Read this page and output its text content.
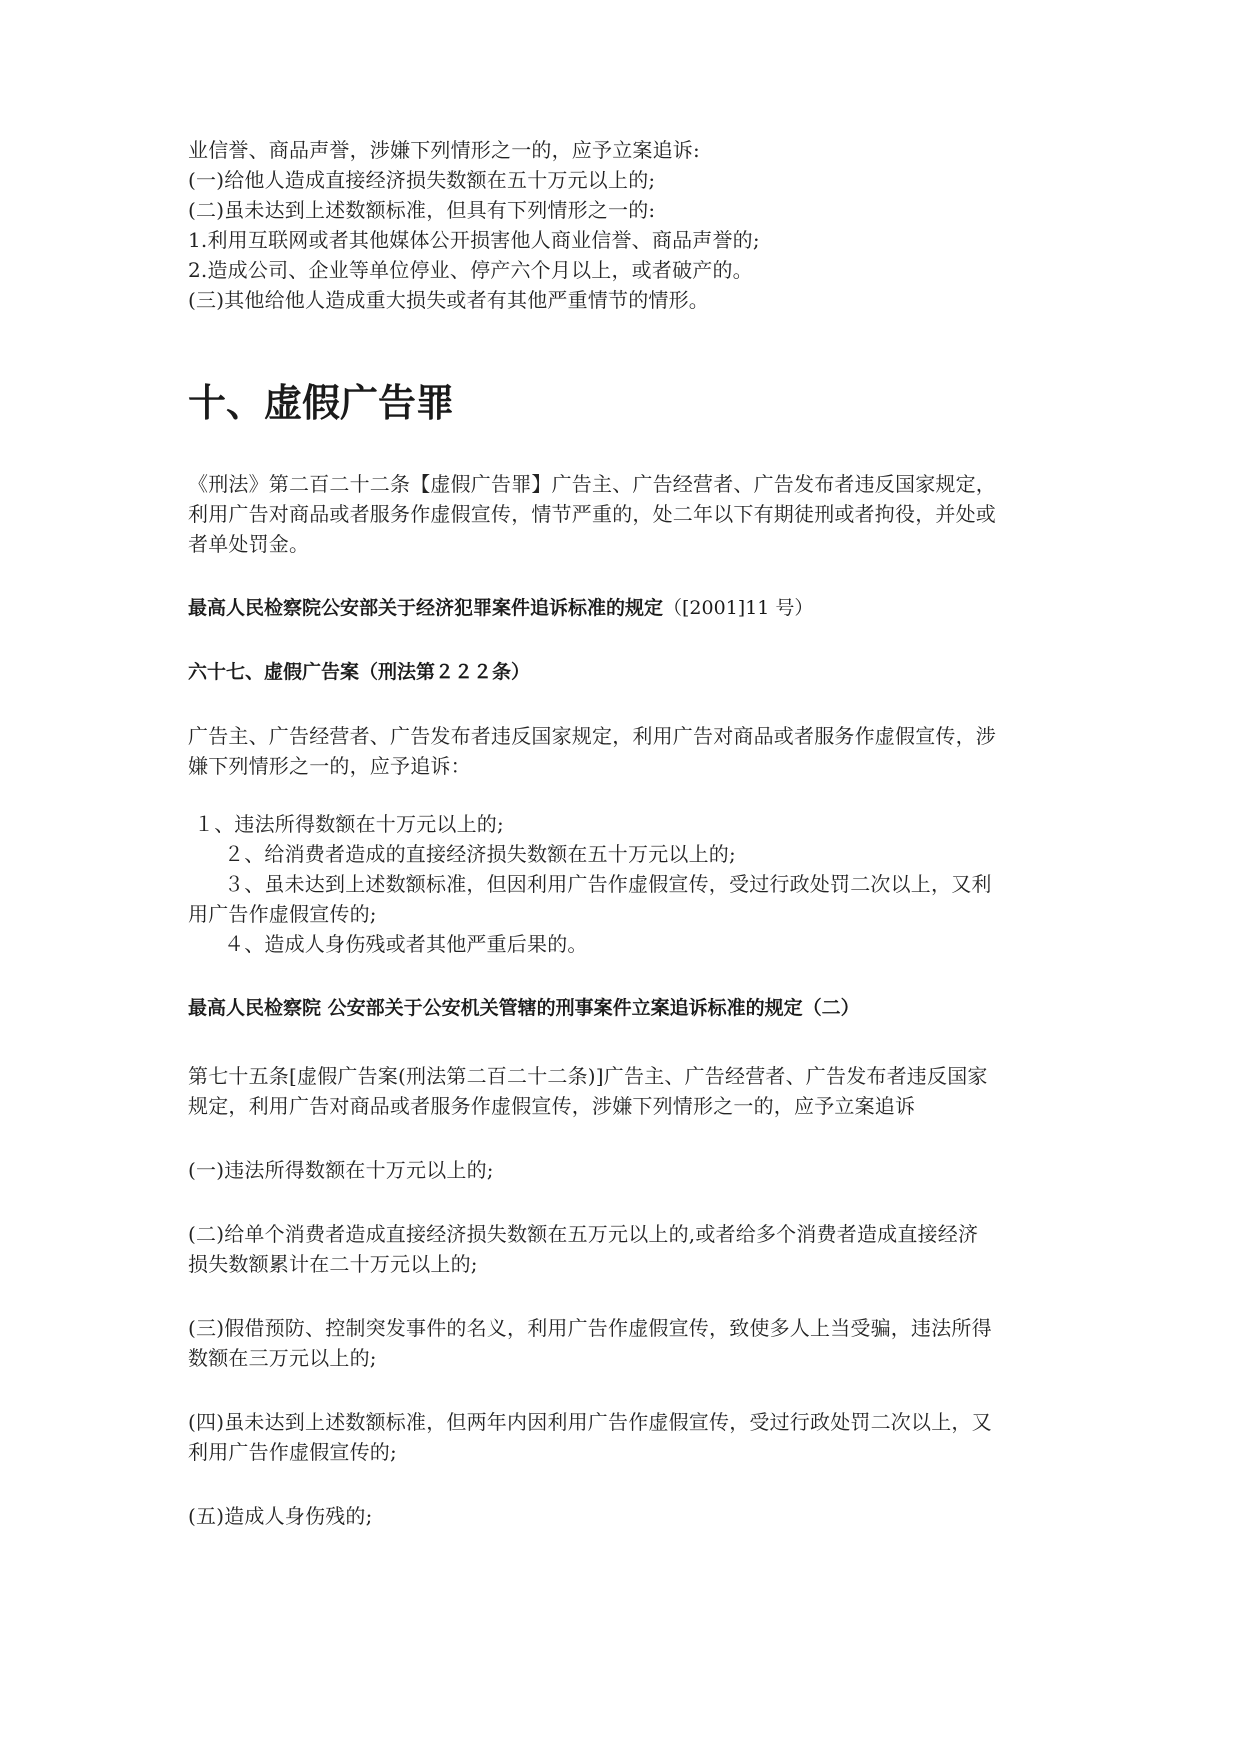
业信誉、商品声誉，涉嫌下列情形之一的，应予立案追诉:
(一)给他人造成直接经济损失数额在五十万元以上的;
(二)虽未达到上述数额标准，但具有下列情形之一的:
1.利用互联网或者其他媒体公开损害他人商业信誉、商品声誉的;
2.造成公司、企业等单位停业、停产六个月以上，或者破产的。
(三)其他给他人造成重大损失或者有其他严重情节的情形。
十、虚假广告罪
《刑法》第二百二十二条【虚假广告罪】广告主、广告经营者、广告发布者违反国家规定，
利用广告对商品或者服务作虚假宣传，情节严重的，处二年以下有期徒刑或者拘役，并处或
者单处罚金。
最高人民检察院公安部关于经济犯罪案件追诉标准的规定（[2001]11 号）
六十七、虚假广告案（刑法第２２２条）
广告主、广告经营者、广告发布者违反国家规定，利用广告对商品或者服务作虚假宣传，涉
嫌下列情形之一的，应予追诉：
１、违法所得数额在十万元以上的;
２、给消费者造成的直接经济损失数额在五十万元以上的;
３、虽未达到上述数额标准，但因利用广告作虚假宣传，受过行政处罚二次以上，又利
用广告作虚假宣传的;
４、造成人身伤残或者其他严重后果的。
最高人民检察院 公安部关于公安机关管辖的刑事案件立案追诉标准的规定（二）
第七十五条[虚假广告案(刑法第二百二十二条)]广告主、广告经营者、广告发布者违反国家
规定，利用广告对商品或者服务作虚假宣传，涉嫌下列情形之一的，应予立案追诉
(一)违法所得数额在十万元以上的;
(二)给单个消费者造成直接经济损失数额在五万元以上的,或者给多个消费者造成直接经济
损失数额累计在二十万元以上的;
(三)假借预防、控制突发事件的名义，利用广告作虚假宣传，致使多人上当受骗，违法所得
数额在三万元以上的;
(四)虽未达到上述数额标准，但两年内因利用广告作虚假宣传，受过行政处罚二次以上，又
利用广告作虚假宣传的;
(五)造成人身伤残的;
